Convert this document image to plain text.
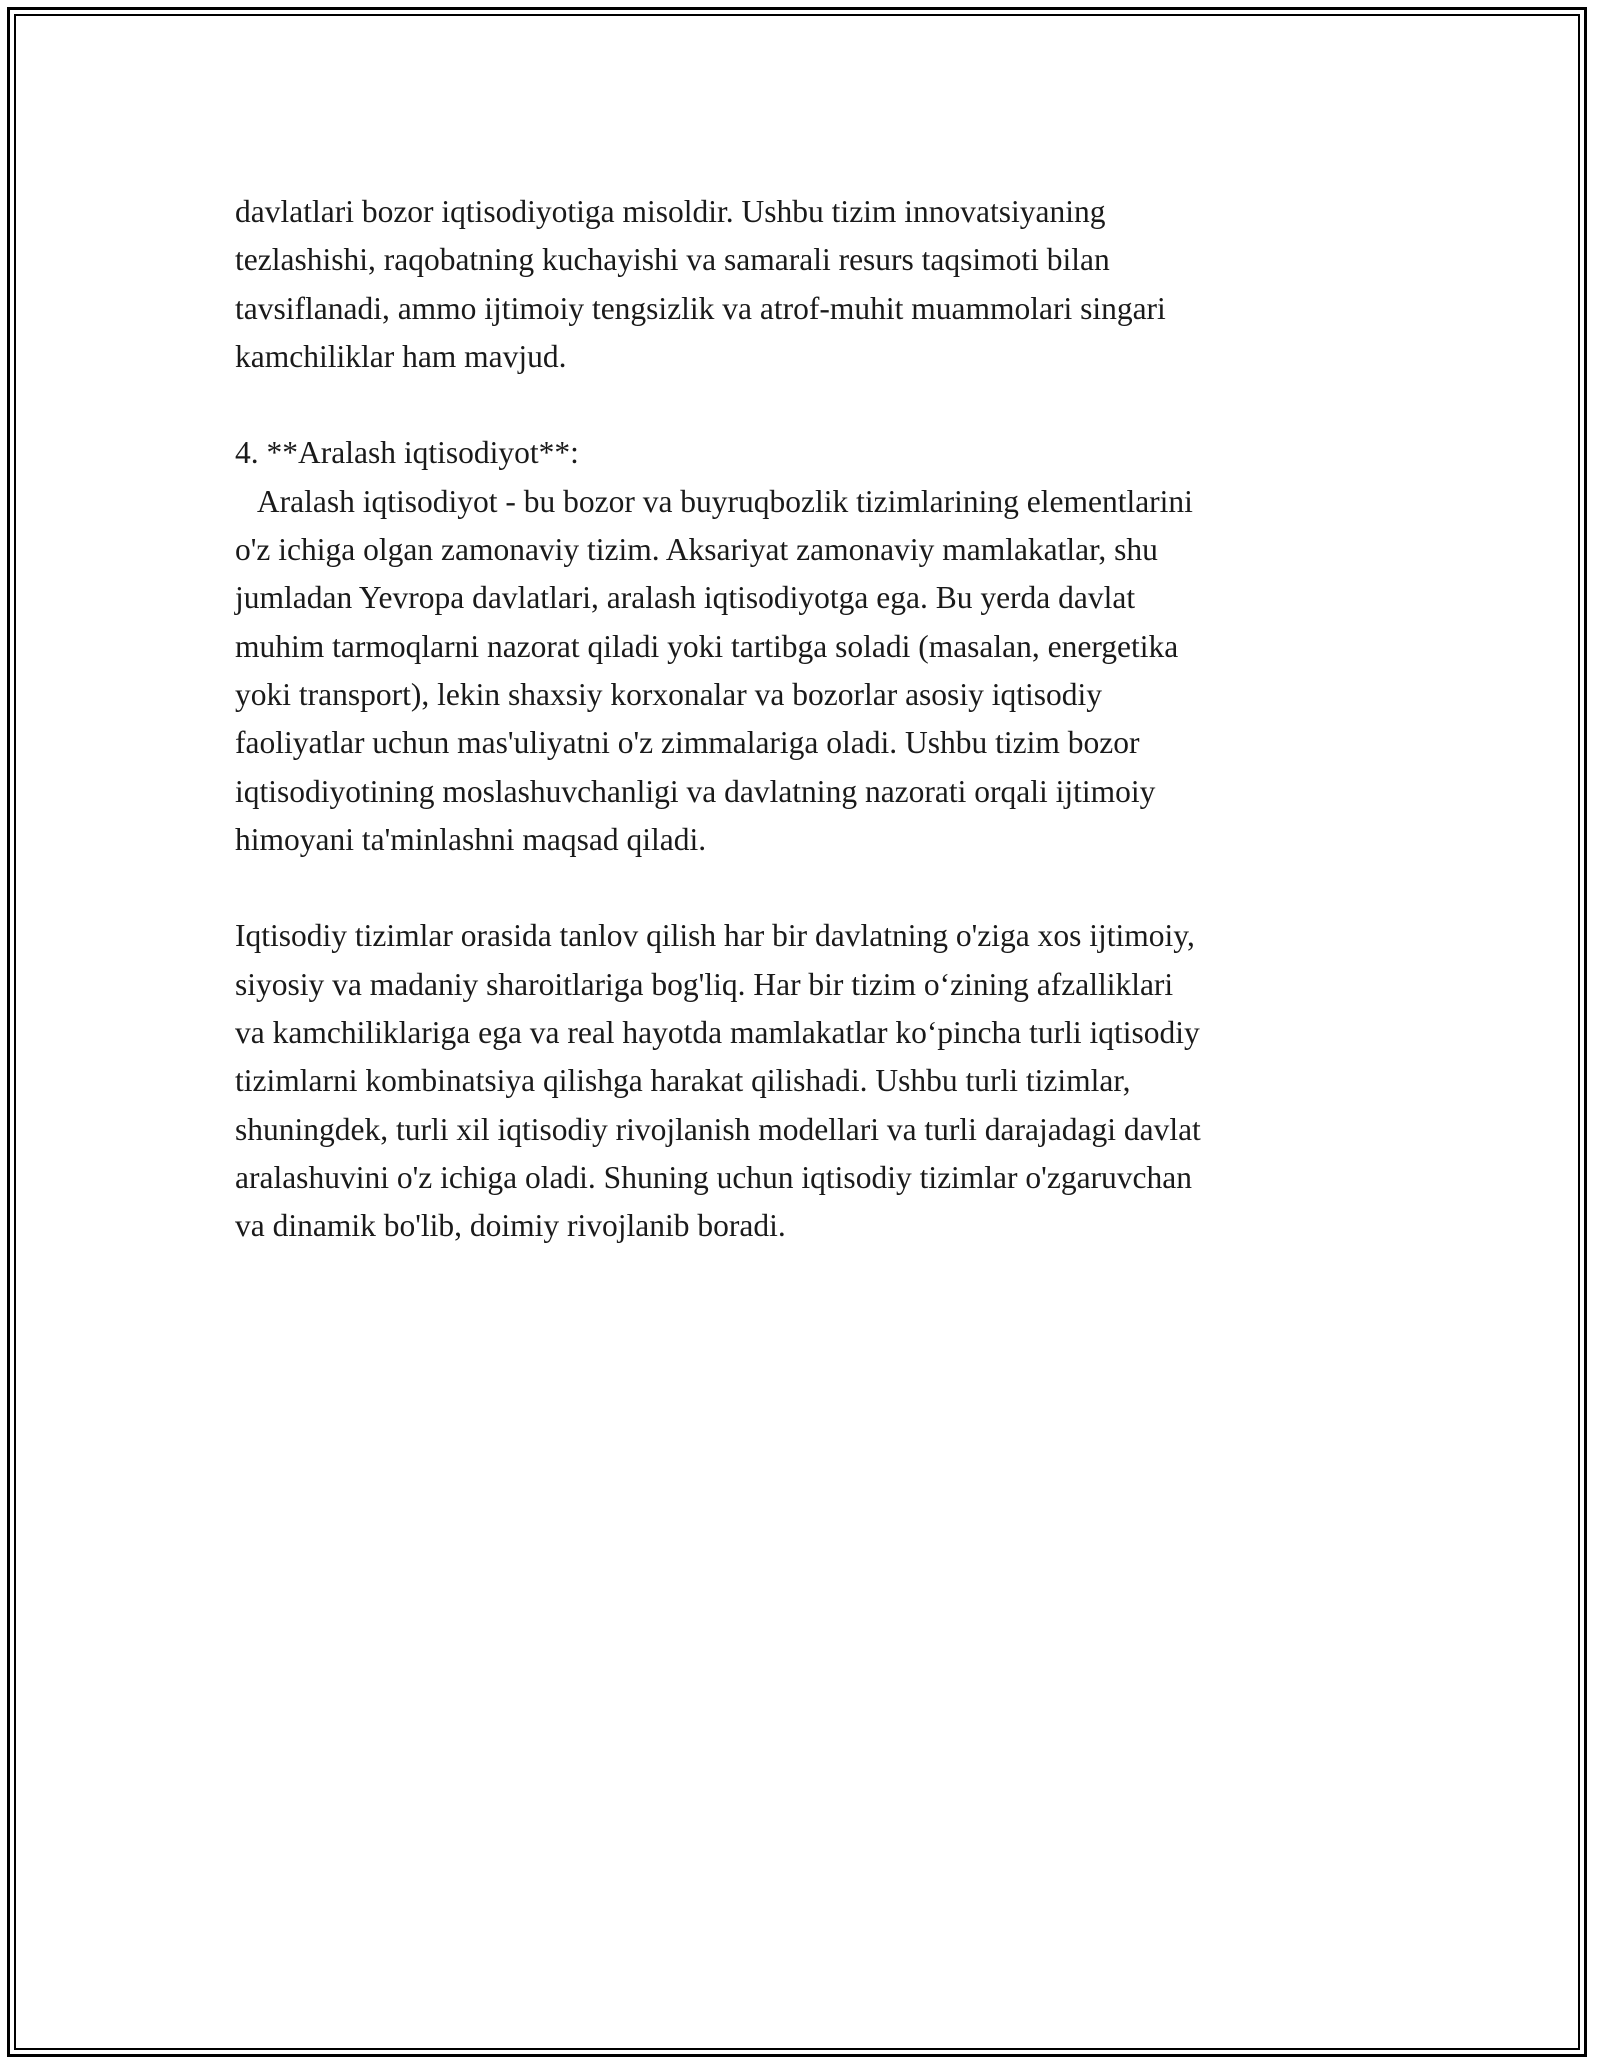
davlatlari bozor iqtisodiyotiga misoldir. Ushbu tizim innovatsiyaning
tezlashishi, raqobatning kuchayishi va samarali resurs taqsimoti bilan
tavsiflanadi, ammo ijtimoiy tengsizlik va atrof-muhit muammolari singari
kamchiliklar ham mavjud.
4. **Aralash iqtisodiyot**:
Aralash iqtisodiyot - bu bozor va buyruqbozlik tizimlarining elementlarini
o'z ichiga olgan zamonaviy tizim. Aksariyat zamonaviy mamlakatlar, shu
jumladan Yevropa davlatlari, aralash iqtisodiyotga ega. Bu yerda davlat
muhim tarmoqlarni nazorat qiladi yoki tartibga soladi (masalan, energetika
yoki transport), lekin shaxsiy korxonalar va bozorlar asosiy iqtisodiy
faoliyatlar uchun mas'uliyatni o'z zimmalariga oladi. Ushbu tizim bozor
iqtisodiyotining moslashuvchanligi va davlatning nazorati orqali ijtimoiy
himoyani ta'minlashni maqsad qiladi.
Iqtisodiy tizimlar orasida tanlov qilish har bir davlatning o'ziga xos ijtimoiy,
siyosiy va madaniy sharoitlariga bog'liq. Har bir tizim o‘zining afzalliklari
va kamchiliklariga ega va real hayotda mamlakatlar ko‘pincha turli iqtisodiy
tizimlarni kombinatsiya qilishga harakat qilishadi. Ushbu turli tizimlar,
shuningdek, turli xil iqtisodiy rivojlanish modellari va turli darajadagi davlat
aralashuvini o'z ichiga oladi. Shuning uchun iqtisodiy tizimlar o'zgaruvchan
va dinamik bo'lib, doimiy rivojlanib boradi.
